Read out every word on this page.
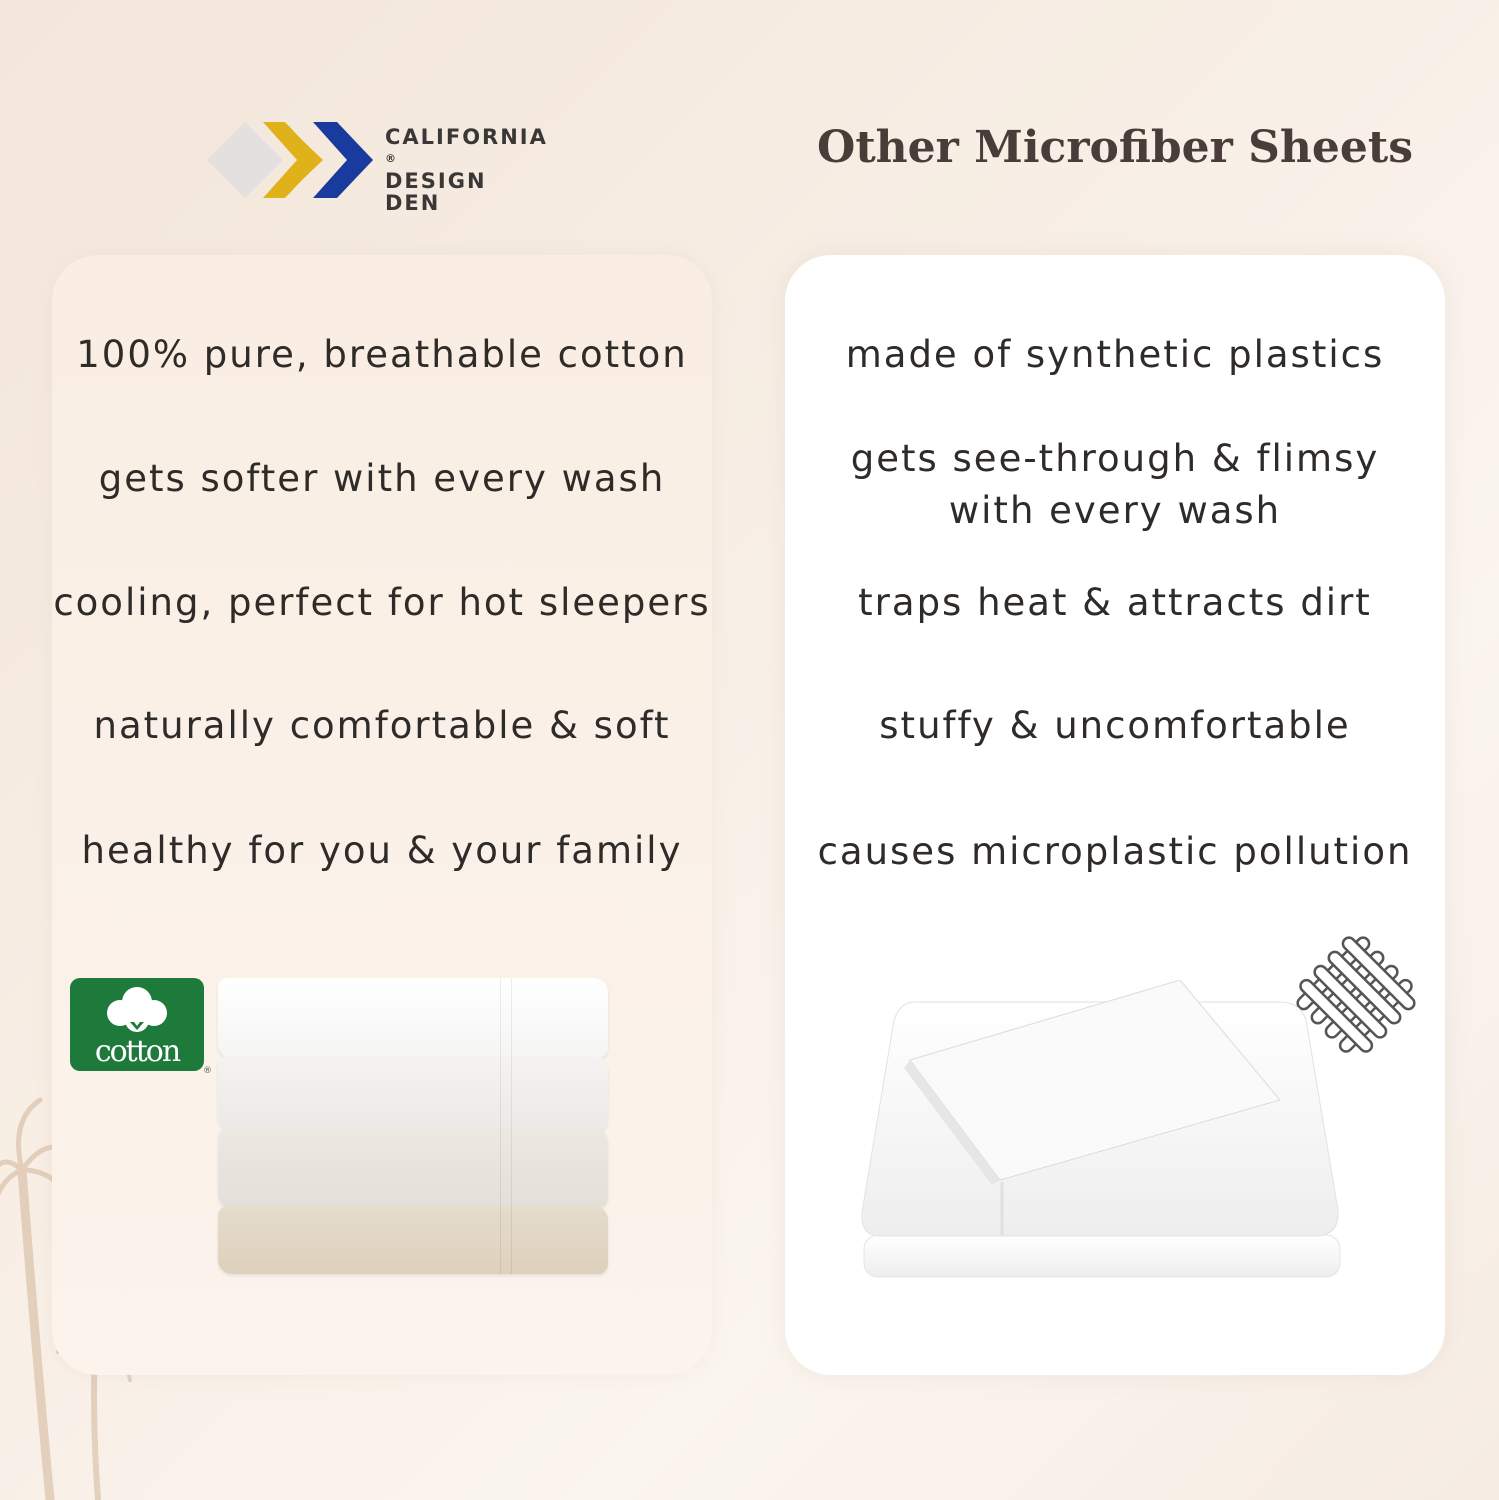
CALIFORNIA
®
DESIGN
DEN
Other Microfiber Sheets
100% pure, breathable cotton
gets softer with every wash
cooling, perfect for hot sleepers
naturally comfortable & soft
healthy for you & your family
made of synthetic plastics
gets see-through & flimsy
with every wash
traps heat & attracts dirt
stuffy & uncomfortable
causes microplastic pollution
cotton
®
